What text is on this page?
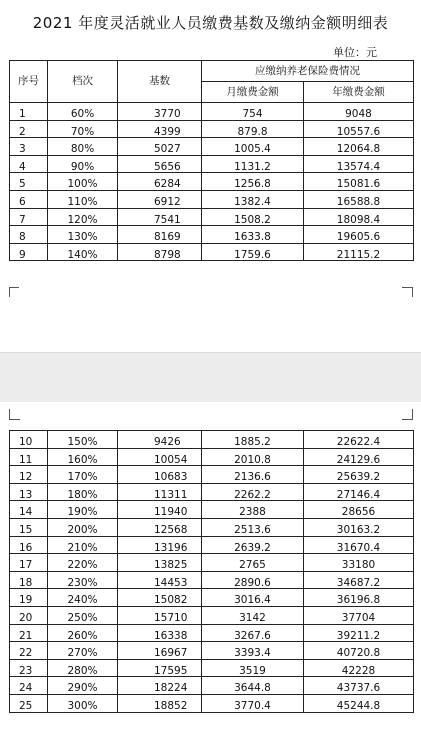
2021 年度灵活就业人员缴费基数及缴纳金额明细表
单位：元
序号	档次	基数	应缴纳养老保险费情况	
			月缴费金额	年缴费金额
1	60%	3770	754	9048
2	70%	4399	879.8	10557.6
3	80%	5027	1005.4	12064.8
4	90%	5656	1131.2	13574.4
5	100%	6284	1256.8	15081.6
6	110%	6912	1382.4	16588.8
7	120%	7541	1508.2	18098.4
8	130%	8169	1633.8	19605.6
9	140%	8798	1759.6	21115.2
10	150%	9426	1885.2	22622.4
11	160%	10054	2010.8	24129.6
12	170%	10683	2136.6	25639.2
13	180%	11311	2262.2	27146.4
14	190%	11940	2388	28656
15	200%	12568	2513.6	30163.2
16	210%	13196	2639.2	31670.4
17	220%	13825	2765	33180
18	230%	14453	2890.6	34687.2
19	240%	15082	3016.4	36196.8
20	250%	15710	3142	37704
21	260%	16338	3267.6	39211.2
22	270%	16967	3393.4	40720.8
23	280%	17595	3519	42228
24	290%	18224	3644.8	43737.6
25	300%	18852	3770.4	45244.8
